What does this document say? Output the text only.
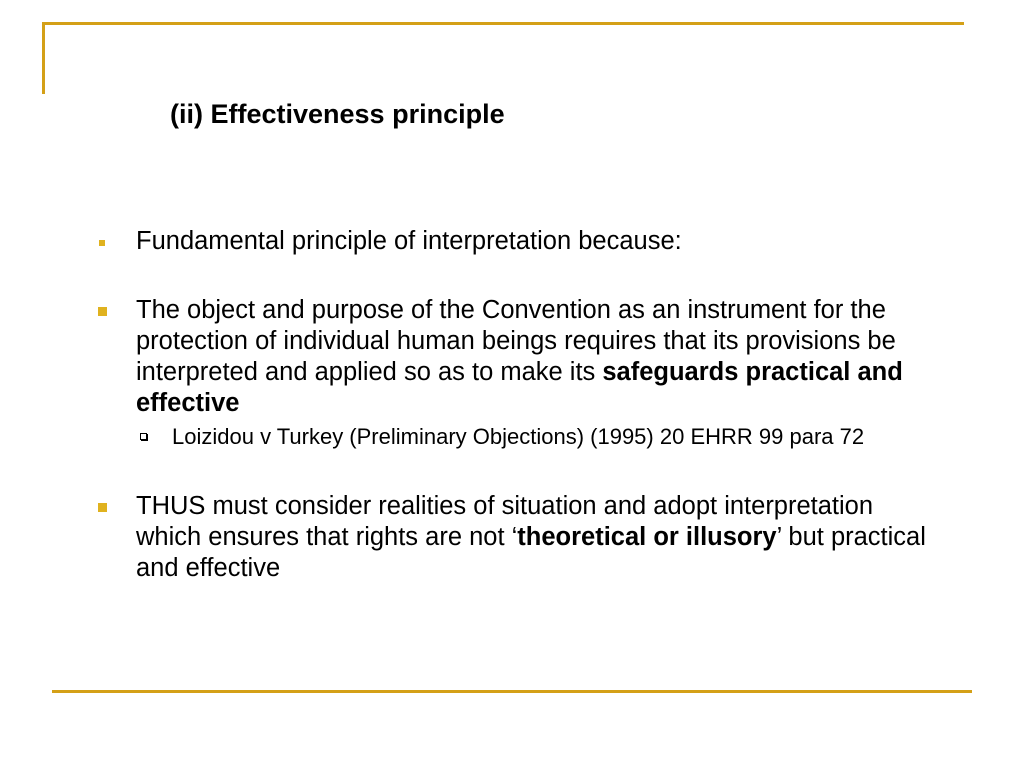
(ii) Effectiveness principle
Fundamental principle of interpretation because:
The object and purpose of the Convention as an instrument for the protection of individual human beings requires that its provisions be interpreted and applied so as to make its safeguards practical and effective
Loizidou v Turkey (Preliminary Objections) (1995) 20 EHRR 99 para 72
THUS must consider realities of situation and adopt interpretation which ensures that rights are not ‘theoretical or illusory’ but practical and effective
